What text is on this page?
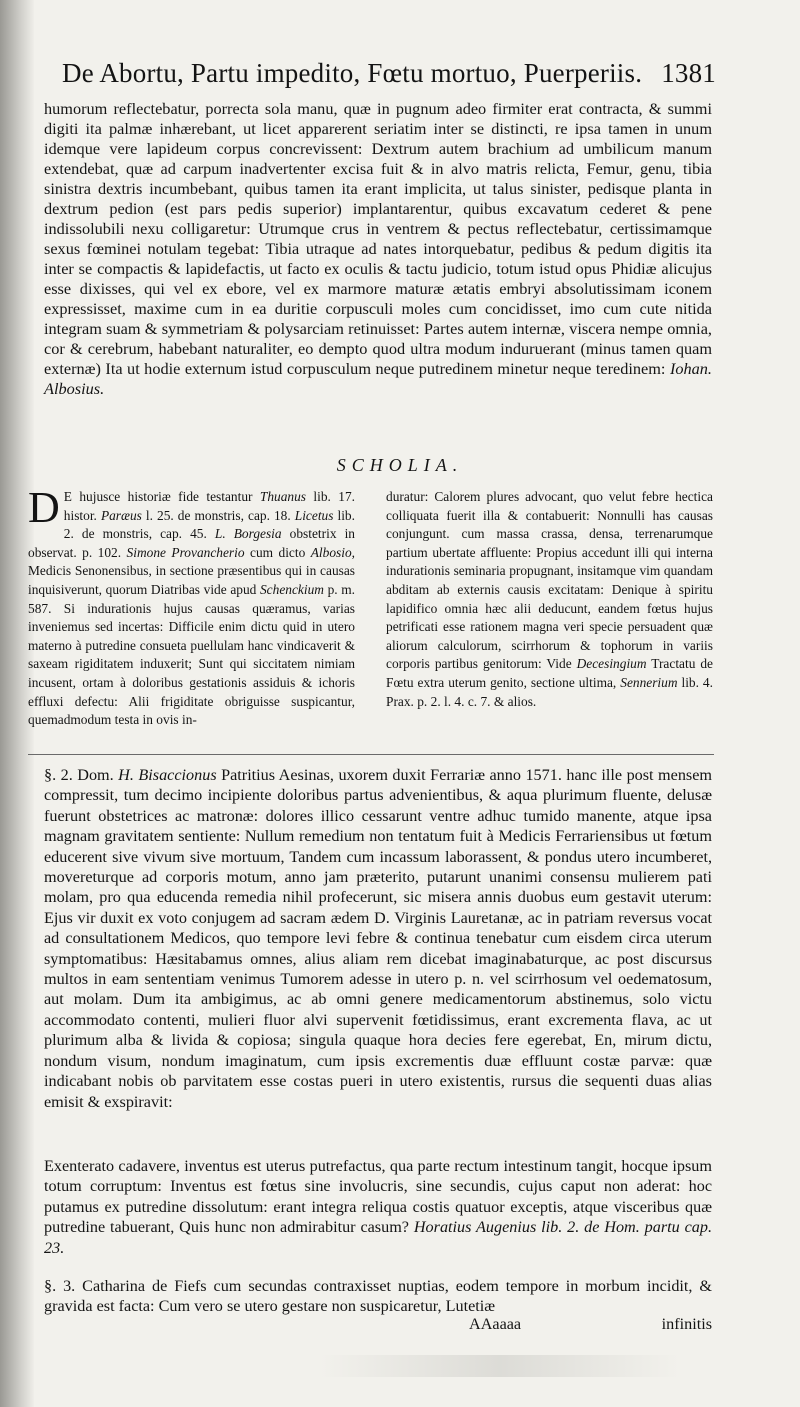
De Abortu, Partu impedito, Fœtu mortuo, Puerperiis. 1381

humorum reflectebatur, porrecta sola manu, quæ in pugnum adeo firmiter erat contracta, & summi digiti ita palmæ inhærebant, ut licet apparerent seriatim inter se distincti, re ipsa tamen in unum idemque vere lapideum corpus concrevissent: Dextrum autem brachium ad umbilicum manum extendebat, quæ ad carpum inadvertenter excisa fuit & in alvo matris relicta, Femur, genu, tibia sinistra dextris incumbebant, quibus tamen ita erant implicita, ut talus sinister, pedisque planta in dextrum pedion (est pars pedis superior) implantarentur, quibus excavatum cederet & pene indissolubili nexu colligaretur: Utrumque crus in ventrem & pectus reflectebatur, certissimamque sexus fœminei notulam tegebat: Tibia utraque ad nates intorquebatur, pedibus & pedum digitis ita inter se compactis & lapidefactis, ut facto ex oculis & tactu judicio, totum istud opus Phidiæ alicujus esse dixisses, qui vel ex ebore, vel ex marmore maturæ ætatis embryi absolutissimam iconem expressisset, maxime cum in ea duritie corpusculi moles cum concidisset, imo cum cute nitida integram suam & symmetriam & polysarciam retinuisset: Partes autem internæ, viscera nempe omnia, cor & cerebrum, habebant naturaliter, eo dempto quod ultra modum induruerant (minus tamen quam externæ) Ita ut hodie externum istud corpusculum neque putredinem minetur neque teredinem: Iohan. Albosius.

SCHOLIA.

D E hujusce historiæ fide testantur Thuanus lib. 17. histor. Paræus l. 25. de monstris, cap. 18. Licetus lib. 2. de monstris, cap. 45. L. Borgesia obstetrix in observat. p. 102. Simone Provancherio cum dicto Albosio, Medicis Senonensibus, in sectione præsentibus qui in causas inquisiverunt, quorum Diatribas vide apud Schenckium p. m. 587. Si indurationis hujus causas quæramus, varias inveniemus sed incertas: Difficile enim dictu quid in utero materno à putredine consueta puellulam hanc vindicaverit & saxeam rigiditatem induxerit; Sunt qui siccitatem nimiam incusent, ortam à doloribus gestationis assiduis & ichoris effluxi defectu: Alii frigiditate obriguisse suspicantur, quemadmodum testa in ovis in-

duratur: Calorem plures advocant, quo velut febre hectica colliquata fuerit illa & contabuerit: Nonnulli has causas conjungunt. cum massa crassa, densa, terrenarumque partium ubertate affluente: Propius accedunt illi qui interna indurationis seminaria propugnant, insitamque vim quandam abditam ab externis causis excitatam: Denique à spiritu lapidifico omnia hæc alii deducunt, eandem fœtus hujus petrificati esse rationem magna veri specie persuadent quæ aliorum calculorum, scirrhorum & tophorum in variis corporis partibus genitorum: Vide Decesingium Tractatu de Fœtu extra uterum genito, sectione ultima, Sennerium lib. 4. Prax. p. 2. l. 4. c. 7. & alios.

§. 2. Dom. H. Bisaccionus Patritius Aesinas, uxorem duxit Ferrariæ anno 1571. hanc ille post mensem compressit, tum decimo incipiente doloribus partus advenientibus, & aqua plurimum fluente, delusæ fuerunt obstetrices ac matronæ: dolores illico cessarunt ventre adhuc tumido manente, atque ipsa magnam gravitatem sentiente: Nullum remedium non tentatum fuit à Medicis Ferrariensibus ut fœtum educerent sive vivum sive mortuum, Tandem cum incassum laborassent, & pondus utero incumberet, movereturque ad corporis motum, anno jam præterito, putarunt unanimi consensu mulierem pati molam, pro qua educenda remedia nihil profecerunt, sic misera annis duobus eum gestavit uterum: Ejus vir duxit ex voto conjugem ad sacram ædem D. Virginis Lauretanæ, ac in patriam reversus vocat ad consultationem Medicos, quo tempore levi febre & continua tenebatur cum eisdem circa uterum symptomatibus: Hæsitabamus omnes, alius aliam rem dicebat imaginabaturque, ac post discursus multos in eam sententiam venimus Tumorem adesse in utero p. n. vel scirrhosum vel oedematosum, aut molam. Dum ita ambigimus, ac ab omni genere medicamentorum abstinemus, solo victu accommodato contenti, mulieri fluor alvi supervenit fœtidissimus, erant excrementa flava, ac ut plurimum alba & livida & copiosa; singula quaque hora decies fere egerebat, En, mirum dictu, nondum visum, nondum imaginatum, cum ipsis excrementis duæ effluunt costæ parvæ: quæ indicabant nobis ob parvitatem esse costas pueri in utero existentis, rursus die sequenti duas alias emisit & exspiravit:

Exenterato cadavere, inventus est uterus putrefactus, qua parte rectum intestinum tangit, hocque ipsum totum corruptum: Inventus est fœtus sine involucris, sine secundis, cujus caput non aderat: hoc putamus ex putredine dissolutum: erant integra reliqua costis quatuor exceptis, atque visceribus quæ putredine tabuerant, Quis hunc non admirabitur casum? Horatius Augenius lib. 2. de Hom. partu cap. 23.

§. 3. Catharina de Fiefs cum secundas contraxisset nuptias, eodem tempore in morbum incidit, & gravida est facta: Cum vero se utero gestare non suspicaretur, Lutetiæ

AAaaaa	infinitis
